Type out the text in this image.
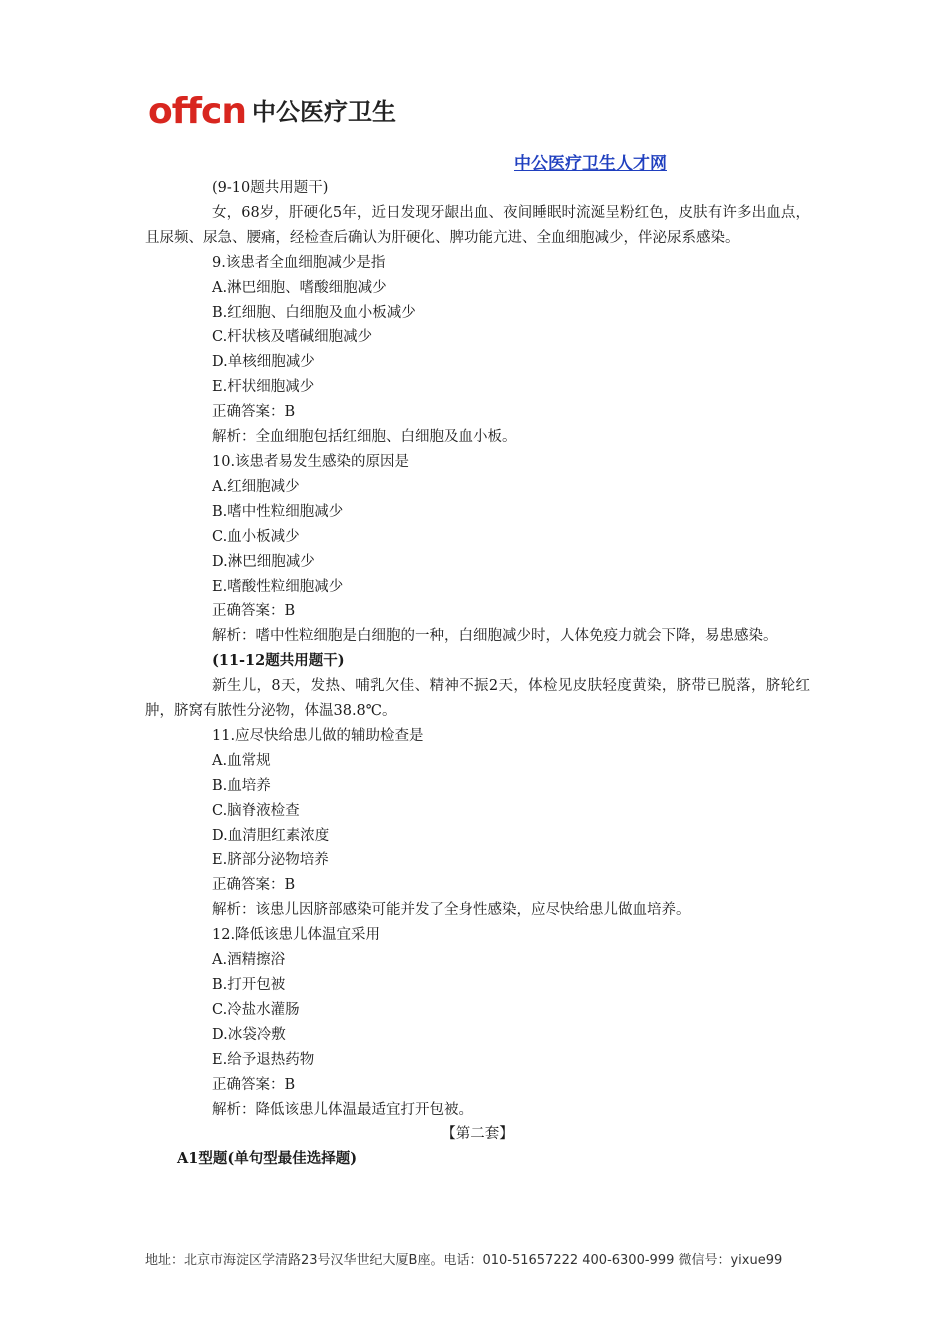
offcn 中公医疗卫生
中公医疗卫生人才网
(9-10题共用题干)
女，68岁，肝硬化5年，近日发现牙龈出血、夜间睡眠时流涎呈粉红色，皮肤有许多出血点，且尿频、尿急、腰痛，经检查后确认为肝硬化、脾功能亢进、全血细胞减少，伴泌尿系感染。
9.该患者全血细胞减少是指
A.淋巴细胞、嗜酸细胞减少
B.红细胞、白细胞及血小板减少
C.杆状核及嗜碱细胞减少
D.单核细胞减少
E.杆状细胞减少
正确答案：B
解析：全血细胞包括红细胞、白细胞及血小板。
10.该患者易发生感染的原因是
A.红细胞减少
B.嗜中性粒细胞减少
C.血小板减少
D.淋巴细胞减少
E.嗜酸性粒细胞减少
正确答案：B
解析：嗜中性粒细胞是白细胞的一种，白细胞减少时，人体免疫力就会下降，易患感染。
(11-12题共用题干)
新生儿，8天，发热、哺乳欠佳、精神不振2天，体检见皮肤轻度黄染，脐带已脱落，脐轮红肿，脐窝有脓性分泌物，体温38.8℃。
11.应尽快给患儿做的辅助检查是
A.血常规
B.血培养
C.脑脊液检查
D.血清胆红素浓度
E.脐部分泌物培养
正确答案：B
解析：该患儿因脐部感染可能并发了全身性感染，应尽快给患儿做血培养。
12.降低该患儿体温宜采用
A.酒精擦浴
B.打开包被
C.冷盐水灌肠
D.冰袋冷敷
E.给予退热药物
正确答案：B
解析：降低该患儿体温最适宜打开包被。
【第二套】
A1型题(单句型最佳选择题)
地址：北京市海淀区学清路23号汉华世纪大厦B座。电话：010-51657222 400-6300-999 微信号：yixue99
